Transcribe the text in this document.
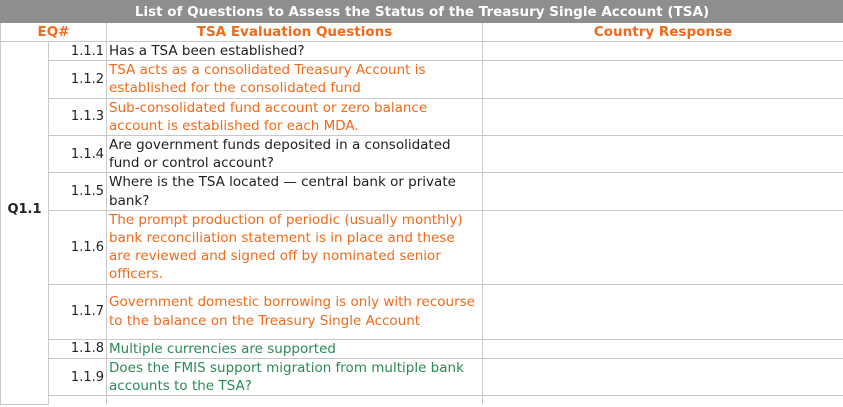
List of Questions to Assess the Status of the Treasury Single Account (TSA)			
EQ#		TSA Evaluation Questions	Country Response
Q1.1	1.1.1	Has a TSA been established?	
	1.1.2	TSA acts as a consolidated Treasury Account is established for the consolidated fund	
	1.1.3	Sub-consolidated fund account or zero balance account is established for each MDA.	
	1.1.4	Are government funds deposited in a consolidated fund or control account?	
	1.1.5	Where is the TSA located — central bank or private bank?	
	1.1.6	The prompt production of periodic (usually monthly) bank reconciliation statement is in place and these are reviewed and signed off by nominated senior officers.	
	1.1.7	Government domestic borrowing is only with recourse to the balance on the Treasury Single Account	
	1.1.8	Multiple currencies are supported	
	1.1.9	Does the FMIS support migration from multiple bank accounts to the TSA?	
